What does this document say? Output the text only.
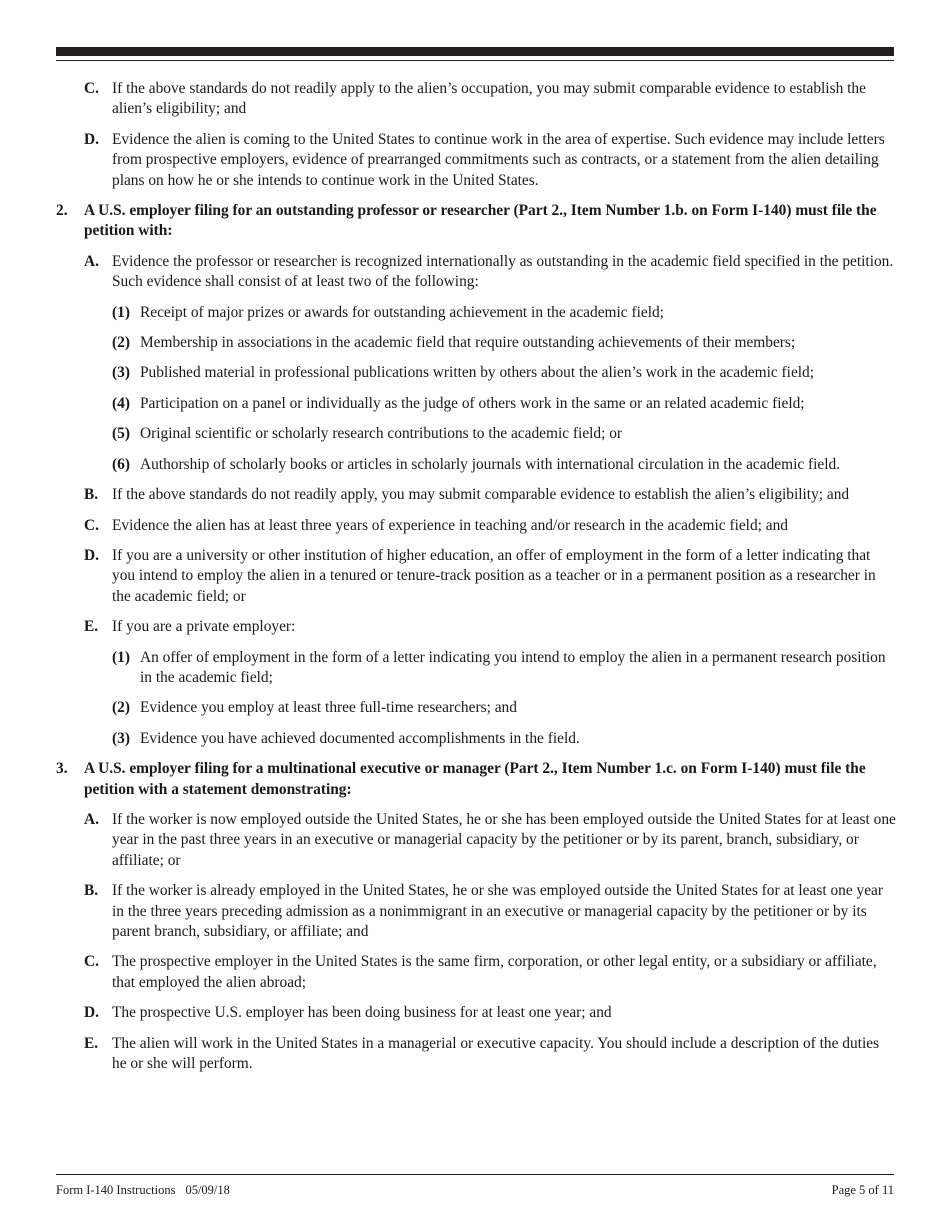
C. If the above standards do not readily apply to the alien’s occupation, you may submit comparable evidence to establish the alien’s eligibility; and
D. Evidence the alien is coming to the United States to continue work in the area of expertise. Such evidence may include letters from prospective employers, evidence of prearranged commitments such as contracts, or a statement from the alien detailing plans on how he or she intends to continue work in the United States.
2.	A U.S. employer filing for an outstanding professor or researcher (Part 2., Item Number 1.b. on Form I-140) must file the petition with:
A. Evidence the professor or researcher is recognized internationally as outstanding in the academic field specified in the petition. Such evidence shall consist of at least two of the following:
(1) Receipt of major prizes or awards for outstanding achievement in the academic field;
(2) Membership in associations in the academic field that require outstanding achievements of their members;
(3) Published material in professional publications written by others about the alien’s work in the academic field;
(4) Participation on a panel or individually as the judge of others work in the same or an related academic field;
(5) Original scientific or scholarly research contributions to the academic field; or
(6) Authorship of scholarly books or articles in scholarly journals with international circulation in the academic field.
B. If the above standards do not readily apply, you may submit comparable evidence to establish the alien’s eligibility; and
C. Evidence the alien has at least three years of experience in teaching and/or research in the academic field; and
D. If you are a university or other institution of higher education, an offer of employment in the form of a letter indicating that you intend to employ the alien in a tenured or tenure-track position as a teacher or in a permanent position as a researcher in the academic field; or
E. If you are a private employer:
(1) An offer of employment in the form of a letter indicating you intend to employ the alien in a permanent research position in the academic field;
(2) Evidence you employ at least three full-time researchers; and
(3) Evidence you have achieved documented accomplishments in the field.
3.	A U.S. employer filing for a multinational executive or manager (Part 2., Item Number 1.c. on Form I-140) must file the petition with a statement demonstrating:
A. If the worker is now employed outside the United States, he or she has been employed outside the United States for at least one year in the past three years in an executive or managerial capacity by the petitioner or by its parent, branch, subsidiary, or affiliate; or
B. If the worker is already employed in the United States, he or she was employed outside the United States for at least one year in the three years preceding admission as a nonimmigrant in an executive or managerial capacity by the petitioner or by its parent branch, subsidiary, or affiliate; and
C. The prospective employer in the United States is the same firm, corporation, or other legal entity, or a subsidiary or affiliate, that employed the alien abroad;
D. The prospective U.S. employer has been doing business for at least one year; and
E. The alien will work in the United States in a managerial or executive capacity. You should include a description of the duties he or she will perform.
Form I-140 Instructions 05/09/18	Page 5 of 11
